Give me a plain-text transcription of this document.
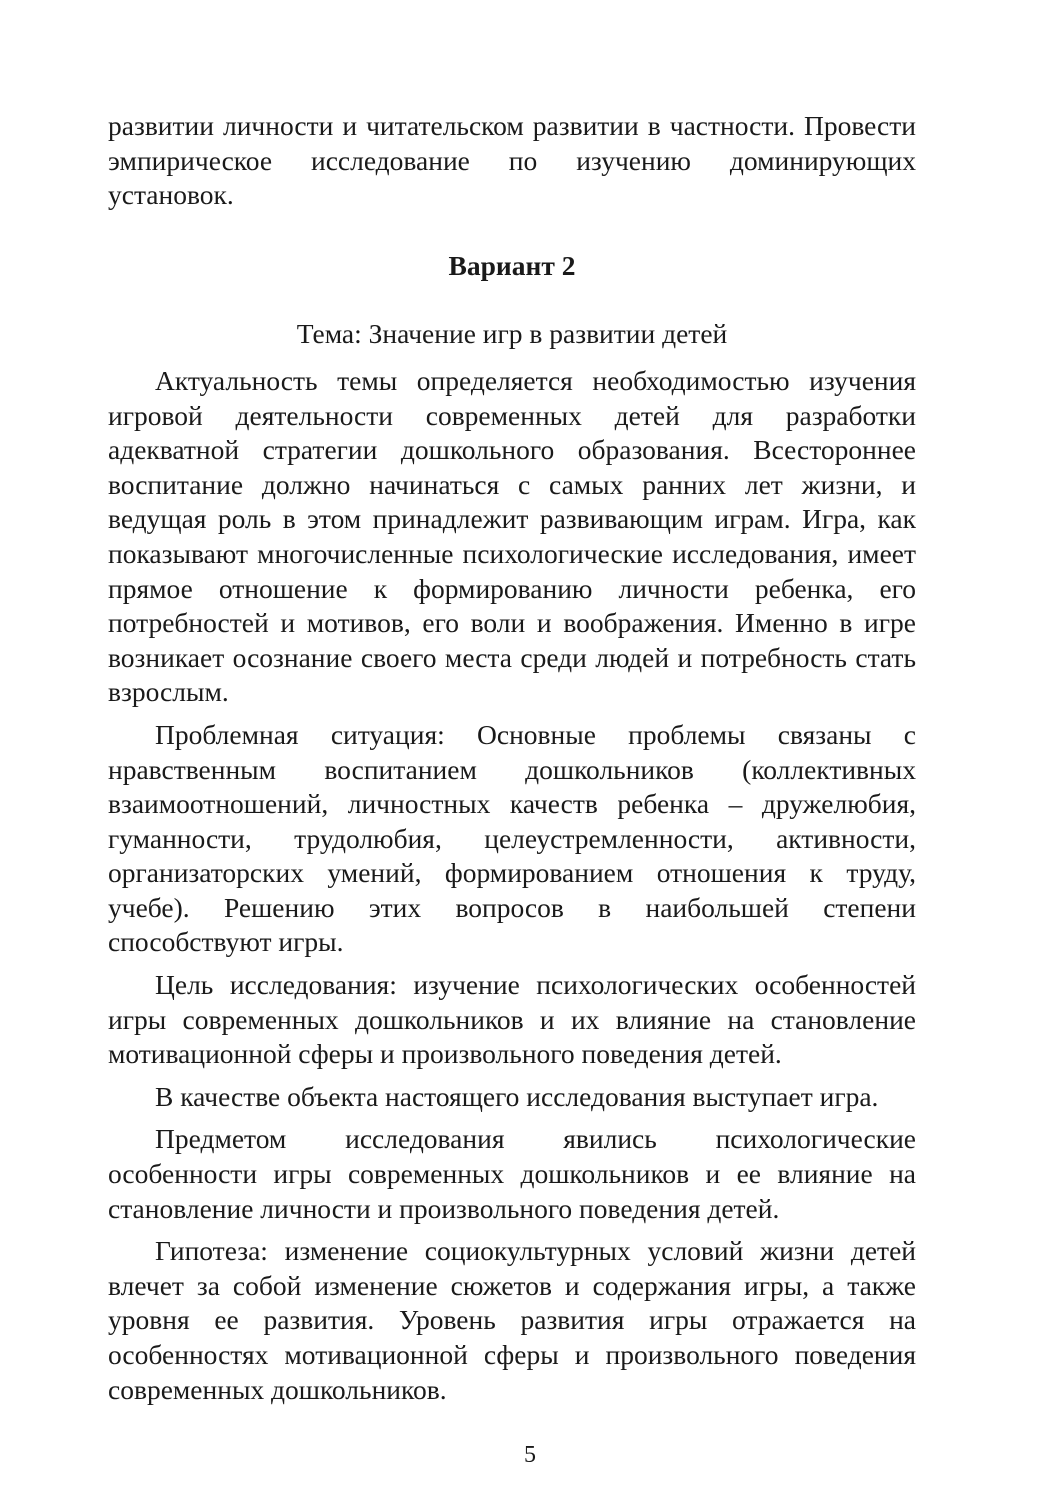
развитии личности и читательском развитии в частности. Провести эмпирическое исследование по изучению доминирующих установок.

Вариант 2

Тема: Значение игр в развитии детей

Актуальность темы определяется необходимостью изучения игровой деятельности современных детей для разработки адекватной стратегии дошкольного образования. Всестороннее воспитание должно начинаться с самых ранних лет жизни, и ведущая роль в этом принадлежит развивающим играм. Игра, как показывают многочисленные психологические исследования, имеет прямое отношение к формированию личности ребенка, его потребностей и мотивов, его воли и воображения. Именно в игре возникает осознание своего места среди людей и потребность стать взрослым.

Проблемная ситуация: Основные проблемы связаны с нравственным воспитанием дошкольников (коллективных взаимоотношений, личностных качеств ребенка – дружелюбия, гуманности, трудолюбия, целеустремленности, активности, организаторских умений, формированием отношения к труду, учебе). Решению этих вопросов в наибольшей степени способствуют игры.

Цель исследования: изучение психологических особенностей игры современных дошкольников и их влияние на становление мотивационной сферы и произвольного поведения детей.

В качестве объекта настоящего исследования выступает игра.

Предметом исследования явились психологические особенности игры современных дошкольников и ее влияние на становление личности и произвольного поведения детей.

Гипотеза: изменение социокультурных условий жизни детей влечет за собой изменение сюжетов и содержания игры, а также уровня ее развития. Уровень развития игры отражается на особенностях мотивационной сферы и произвольного поведения современных дошкольников.

5
